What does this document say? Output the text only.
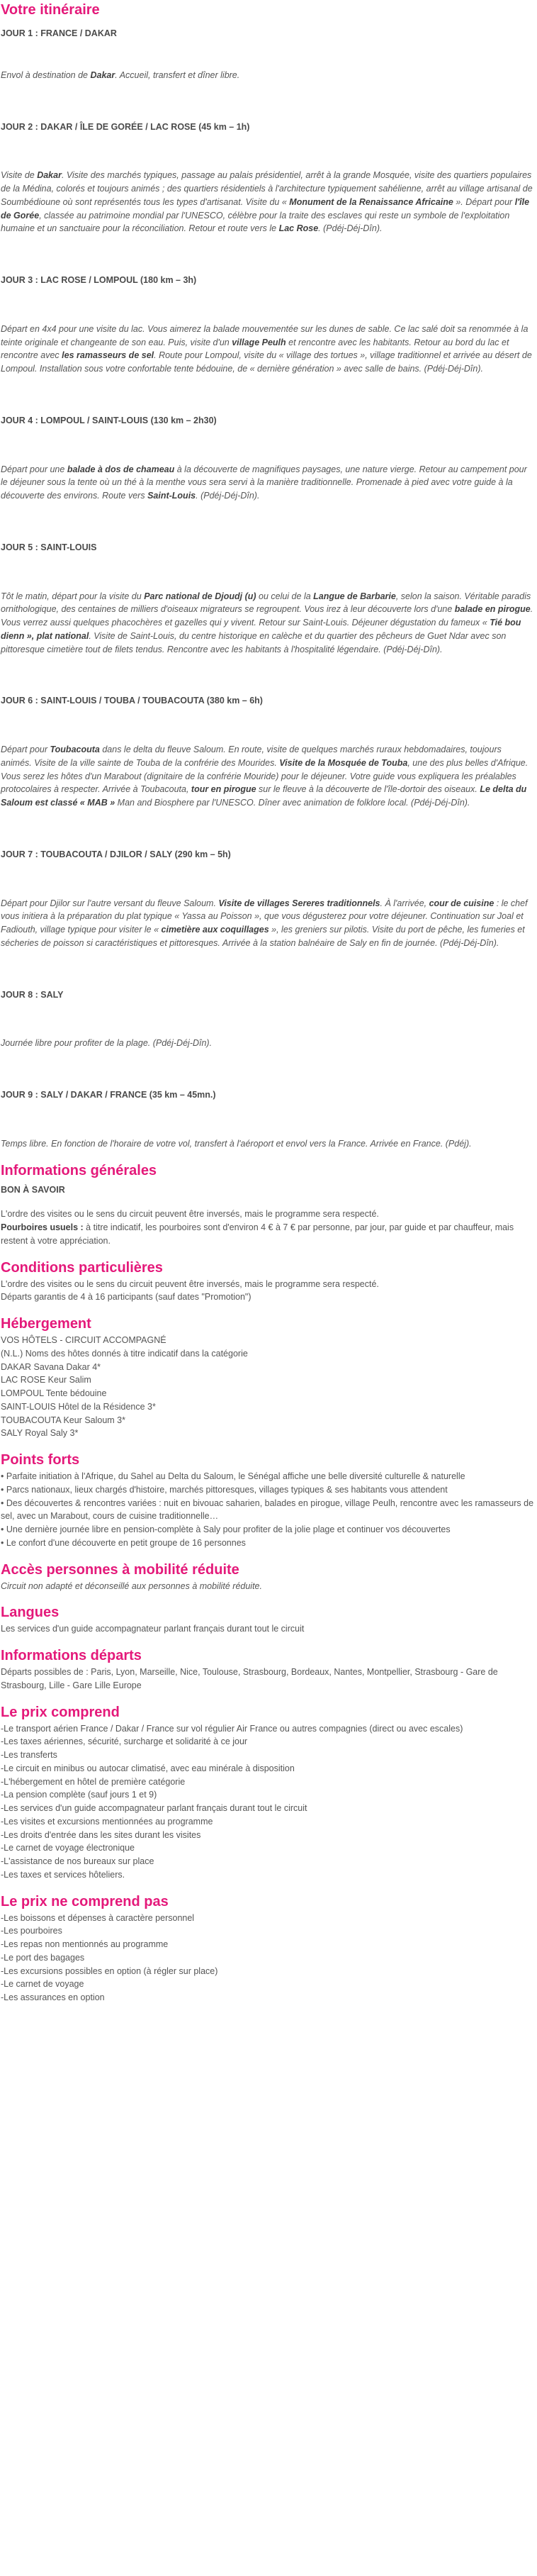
Votre itinéraire

JOUR 1 : FRANCE / DAKAR

Envol à destination de Dakar. Accueil, transfert et dîner libre.

JOUR 2 : DAKAR / ÎLE DE GORÉE / LAC ROSE (45 km – 1h)

Visite de Dakar. Visite des marchés typiques, passage au palais présidentiel, arrêt à la grande Mosquée, visite des quartiers populaires de la Médina, colorés et toujours animés ; des quartiers résidentiels à l'architecture typiquement sahélienne, arrêt au village artisanal de Soumbédioune où sont représentés tous les types d'artisanat. Visite du « Monument de la Renaissance Africaine ». Départ pour l'île de Gorée, classée au patrimoine mondial par l'UNESCO, célèbre pour la traite des esclaves qui reste un symbole de l'exploitation humaine et un sanctuaire pour la réconciliation. Retour et route vers le Lac Rose. (Pdéj-Déj-Dîn).

JOUR 3 : LAC ROSE / LOMPOUL (180 km – 3h)

Départ en 4x4 pour une visite du lac. Vous aimerez la balade mouvementée sur les dunes de sable. Ce lac salé doit sa renommée à la teinte originale et changeante de son eau. Puis, visite d'un village Peulh et rencontre avec les habitants. Retour au bord du lac et rencontre avec les ramasseurs de sel. Route pour Lompoul, visite du « village des tortues », village traditionnel et arrivée au désert de Lompoul. Installation sous votre confortable tente bédouine, de « dernière génération » avec salle de bains. (Pdéj-Déj-Dîn).

JOUR 4 : LOMPOUL / SAINT-LOUIS (130 km – 2h30)

Départ pour une balade à dos de chameau à la découverte de magnifiques paysages, une nature vierge. Retour au campement pour le déjeuner sous la tente où un thé à la menthe vous sera servi à la manière traditionnelle. Promenade à pied avec votre guide à la découverte des environs. Route vers Saint-Louis. (Pdéj-Déj-Dîn).

JOUR 5 : SAINT-LOUIS

Tôt le matin, départ pour la visite du Parc national de Djoudj (u) ou celui de la Langue de Barbarie, selon la saison. Véritable paradis ornithologique, des centaines de milliers d'oiseaux migrateurs se regroupent. Vous irez à leur découverte lors d'une balade en pirogue. Vous verrez aussi quelques phacochères et gazelles qui y vivent. Retour sur Saint-Louis. Déjeuner dégustation du fameux « Tié bou dienn », plat national. Visite de Saint-Louis, du centre historique en calèche et du quartier des pêcheurs de Guet Ndar avec son pittoresque cimetière tout de filets tendus. Rencontre avec les habitants à l'hospitalité légendaire. (Pdéj-Déj-Dîn).

JOUR 6 : SAINT-LOUIS / TOUBA / TOUBACOUTA (380 km – 6h)

Départ pour Toubacouta dans le delta du fleuve Saloum. En route, visite de quelques marchés ruraux hebdomadaires, toujours animés. Visite de la ville sainte de Touba de la confrérie des Mourides. Visite de la Mosquée de Touba, une des plus belles d'Afrique. Vous serez les hôtes d'un Marabout (dignitaire de la confrérie Mouride) pour le déjeuner. Votre guide vous expliquera les préalables protocolaires à respecter. Arrivée à Toubacouta, tour en pirogue sur le fleuve à la découverte de l'île-dortoir des oiseaux. Le delta du Saloum est classé « MAB » Man and Biosphere par l'UNESCO. Dîner avec animation de folklore local. (Pdéj-Déj-Dîn).

JOUR 7 : TOUBACOUTA / DJILOR / SALY (290 km – 5h)

Départ pour Djilor sur l'autre versant du fleuve Saloum. Visite de villages Sereres traditionnels. À l'arrivée, cour de cuisine : le chef vous initiera à la préparation du plat typique « Yassa au Poisson », que vous dégusterez pour votre déjeuner. Continuation sur Joal et Fadiouth, village typique pour visiter le « cimetière aux coquillages », les greniers sur pilotis. Visite du port de pêche, les fumeries et sécheries de poisson si caractéristiques et pittoresques. Arrivée à la station balnéaire de Saly en fin de journée. (Pdéj-Déj-Dîn).

JOUR 8 : SALY

Journée libre pour profiter de la plage. (Pdéj-Déj-Dîn).

JOUR 9 : SALY / DAKAR / FRANCE (35 km – 45mn.)

Temps libre. En fonction de l'horaire de votre vol, transfert à l'aéroport et envol vers la France. Arrivée en France. (Pdéj).

Informations générales
BON À SAVOIR

L'ordre des visites ou le sens du circuit peuvent être inversés, mais le programme sera respecté.

Pourboires usuels : à titre indicatif, les pourboires sont d'environ 4 € à 7 € par personne, par jour, par guide et par chauffeur, mais restent à votre appréciation.

Conditions particulières

L'ordre des visites ou le sens du circuit peuvent être inversés, mais le programme sera respecté.

Départs garantis de 4 à 16 participants (sauf dates "Promotion")

Hébergement

VOS HÔTELS - CIRCUIT ACCOMPAGNÉ

(N.L.) Noms des hôtes donnés à titre indicatif dans la catégorie

DAKAR Savana Dakar 4*

LAC ROSE Keur Salim

LOMPOUL Tente bédouine

SAINT-LOUIS Hôtel de la Résidence 3*

TOUBACOUTA Keur Saloum 3*

SALY Royal Saly 3*

Points forts

• Parfaite initiation à l'Afrique, du Sahel au Delta du Saloum, le Sénégal affiche une belle diversité culturelle & naturelle

• Parcs nationaux, lieux chargés d'histoire, marchés pittoresques, villages typiques & ses habitants vous attendent

• Des découvertes & rencontres variées : nuit en bivouac saharien, balades en pirogue, village Peulh, rencontre avec les ramasseurs de sel, avec un Marabout, cours de cuisine traditionnelle…

• Une dernière journée libre en pension-complète à Saly pour profiter de la jolie plage et continuer vos découvertes

• Le confort d'une découverte en petit groupe de 16 personnes

Accès personnes à mobilité réduite

Circuit non adapté et déconseillé aux personnes à mobilité réduite.

Langues

Les services d'un guide accompagnateur parlant français durant tout le circuit

Informations départs

Départs possibles de : Paris, Lyon, Marseille, Nice, Toulouse, Strasbourg, Bordeaux, Nantes, Montpellier, Strasbourg - Gare de Strasbourg, Lille - Gare Lille Europe

Le prix comprend

-Le transport aérien France / Dakar / France sur vol régulier Air France ou autres compagnies (direct ou avec escales)

-Les taxes aériennes, sécurité, surcharge et solidarité à ce jour

-Les transferts

-Le circuit en minibus ou autocar climatisé, avec eau minérale à disposition

-L'hébergement en hôtel de première catégorie

-La pension complète (sauf jours 1 et 9)

-Les services d'un guide accompagnateur parlant français durant tout le circuit

-Les visites et excursions mentionnées au programme

-Les droits d'entrée dans les sites durant les visites

-Le carnet de voyage électronique

-L'assistance de nos bureaux sur place

-Les taxes et services hôteliers.

Le prix ne comprend pas

-Les boissons et dépenses à caractère personnel

-Les pourboires

-Les repas non mentionnés au programme

-Le port des bagages

-Les excursions possibles en option (à régler sur place)

-Le carnet de voyage

-Les assurances en option
